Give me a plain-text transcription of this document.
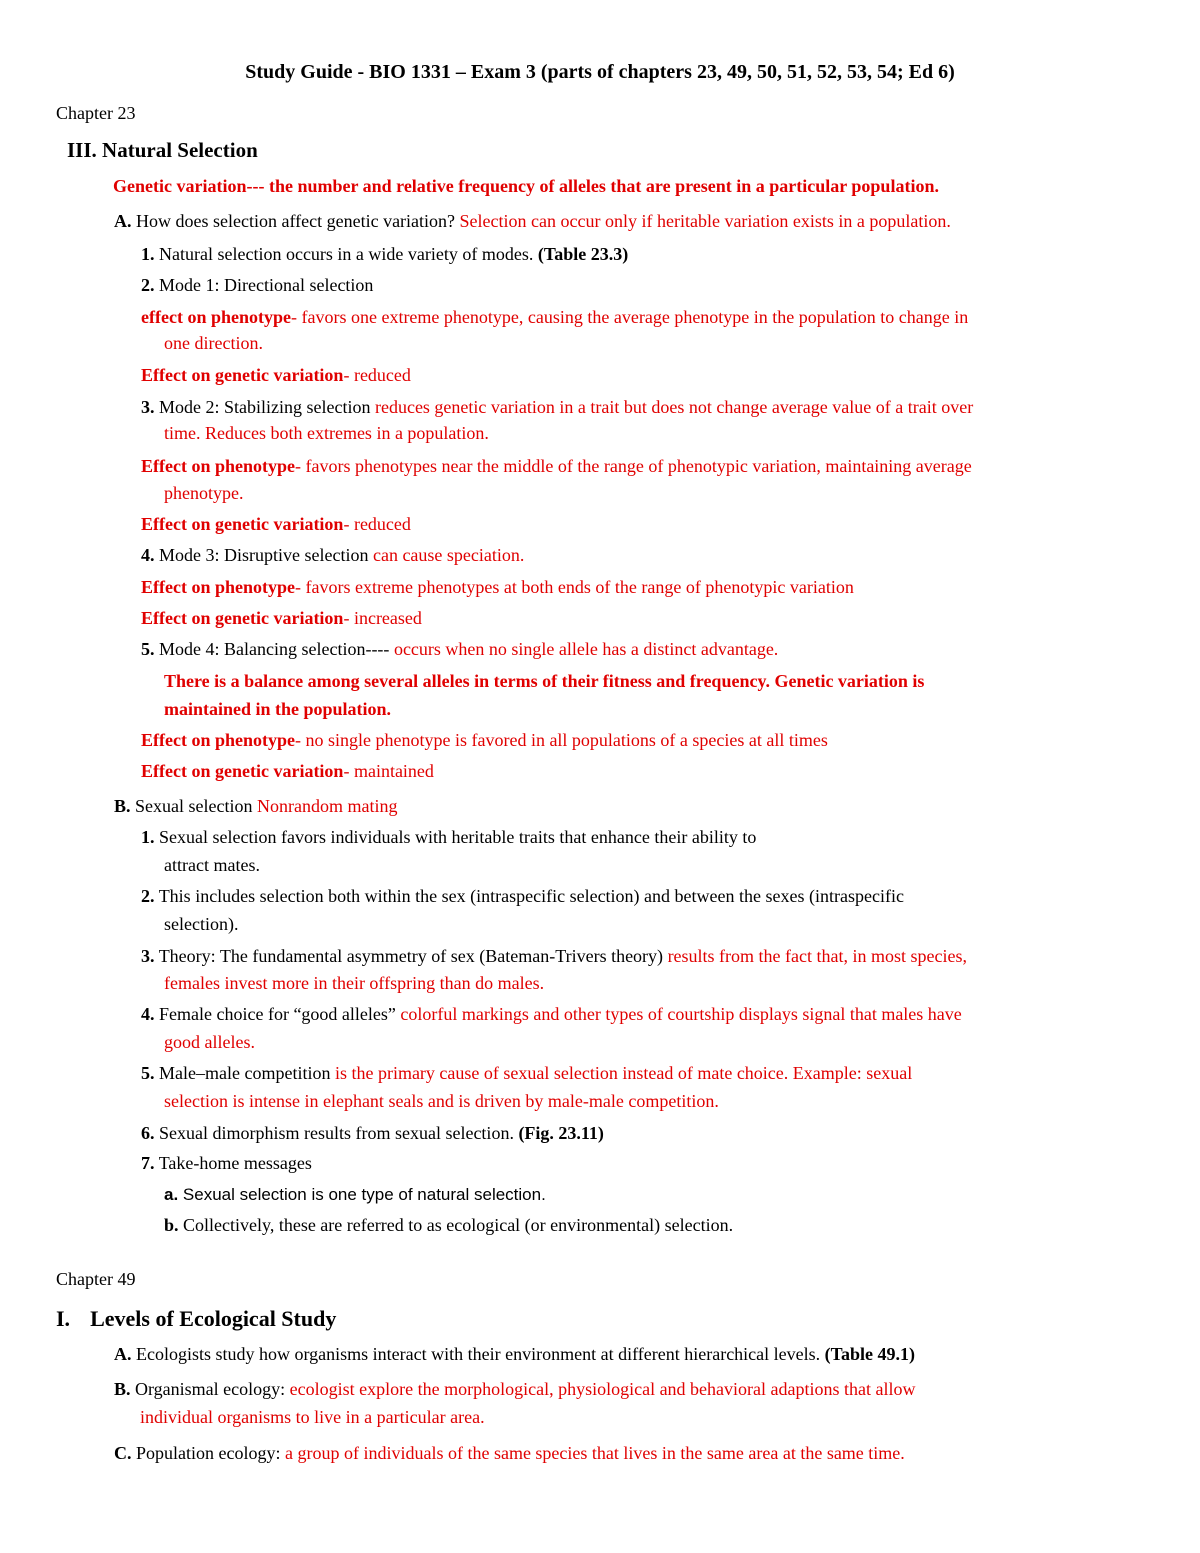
Study Guide - BIO 1331 – Exam 3 (parts of chapters 23, 49, 50, 51, 52, 53, 54; Ed 6)
Chapter 23
III. Natural Selection
Genetic variation--- the number and relative frequency of alleles that are present in a particular population.
A. How does selection affect genetic variation? Selection can occur only if heritable variation exists in a population.
1. Natural selection occurs in a wide variety of modes. (Table 23.3)
2. Mode 1: Directional selection
effect on phenotype- favors one extreme phenotype, causing the average phenotype in the population to change in
one direction.
Effect on genetic variation- reduced
3. Mode 2: Stabilizing selection reduces genetic variation in a trait but does not change average value of a trait over
time. Reduces both extremes in a population.
Effect on phenotype- favors phenotypes near the middle of the range of phenotypic variation, maintaining average
phenotype.
Effect on genetic variation- reduced
4. Mode 3: Disruptive selection can cause speciation.
Effect on phenotype- favors extreme phenotypes at both ends of the range of phenotypic variation
Effect on genetic variation- increased
5. Mode 4: Balancing selection---- occurs when no single allele has a distinct advantage.
There is a balance among several alleles in terms of their fitness and frequency. Genetic variation is
maintained in the population.
Effect on phenotype- no single phenotype is favored in all populations of a species at all times
Effect on genetic variation- maintained
B. Sexual selection Nonrandom mating
1. Sexual selection favors individuals with heritable traits that enhance their ability to
attract mates.
2. This includes selection both within the sex (intraspecific selection) and between the sexes (intraspecific
selection).
3. Theory: The fundamental asymmetry of sex (Bateman-Trivers theory) results from the fact that, in most species,
females invest more in their offspring than do males.
4. Female choice for “good alleles” colorful markings and other types of courtship displays signal that males have
good alleles.
5. Male–male competition is the primary cause of sexual selection instead of mate choice. Example: sexual
selection is intense in elephant seals and is driven by male-male competition.
6. Sexual dimorphism results from sexual selection. (Fig. 23.11)
7. Take-home messages
a. Sexual selection is one type of natural selection.
b. Collectively, these are referred to as ecological (or environmental) selection.
Chapter 49
I. Levels of Ecological Study
A. Ecologists study how organisms interact with their environment at different hierarchical levels. (Table 49.1)
B. Organismal ecology: ecologist explore the morphological, physiological and behavioral adaptions that allow
individual organisms to live in a particular area.
C. Population ecology: a group of individuals of the same species that lives in the same area at the same time.
